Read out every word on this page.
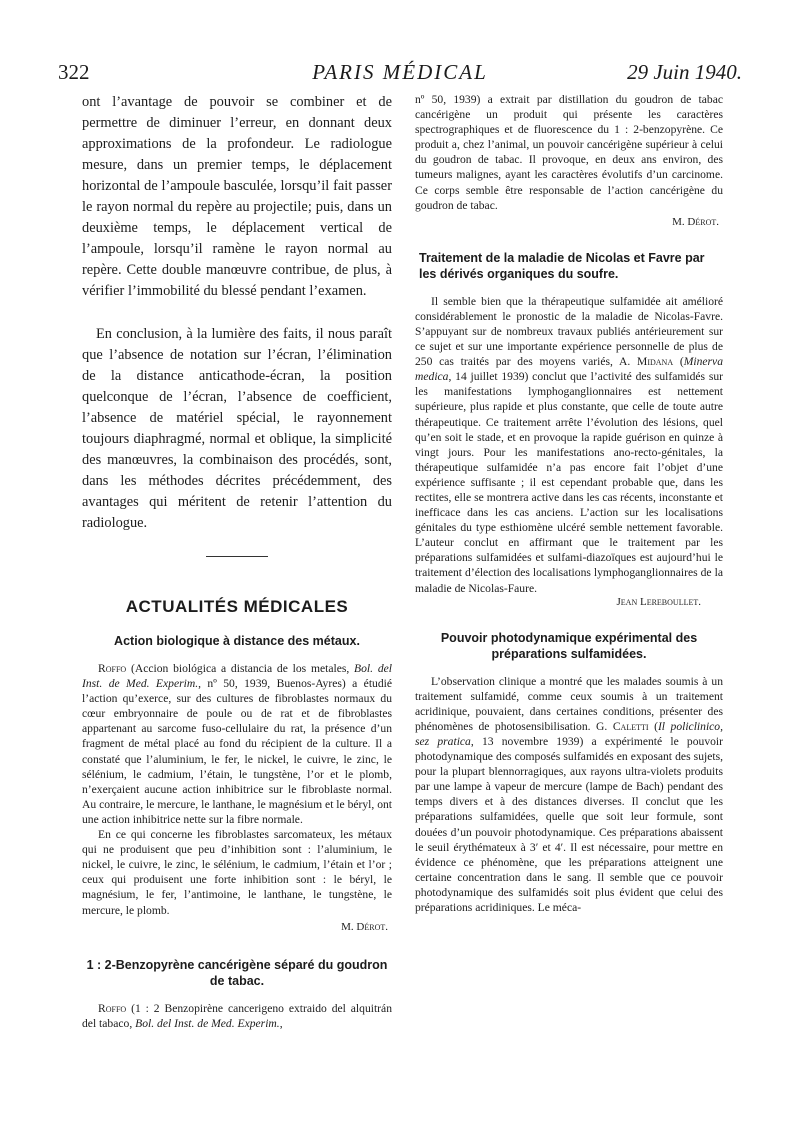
322	PARIS MÉDICAL	29 Juin 1940.

ont l’avantage de pouvoir se combiner et de permettre de diminuer l’erreur, en donnant deux approximations de la profondeur. Le radiologue mesure, dans un premier temps, le déplacement horizontal de l’ampoule basculée, lorsqu’il fait passer le rayon normal du repère au projectile; puis, dans un deuxième temps, le déplacement vertical de l’ampoule, lorsqu’il ramène le rayon normal au repère. Cette double manœuvre contribue, de plus, à vérifier l’immobilité du blessé pendant l’examen.

En conclusion, à la lumière des faits, il nous paraît que l’absence de notation sur l’écran, l’élimination de la distance anticathode-écran, la position quelconque de l’écran, l’absence de coefficient, l’absence de matériel spécial, le rayonnement toujours diaphragmé, normal et oblique, la simplicité des manœuvres, la combinaison des procédés, sont, dans les méthodes décrites précédemment, des avantages qui méritent de retenir l’attention du radiologue.

ACTUALITÉS MÉDICALES
Action biologique à distance des métaux.

Roffo (Accion biológica a distancia de los metales, Bol. del Inst. de Med. Experim., nº 50, 1939, Buenos-Ayres) a étudié l’action qu’exerce, sur des cultures de fibroblastes normaux du cœur embryonnaire de poule ou de rat et de fibroblastes appartenant au sarcome fuso-cellulaire du rat, la présence d’un fragment de métal placé au fond du récipient de la culture. Il a constaté que l’aluminium, le fer, le nickel, le cuivre, le zinc, le sélénium, le cadmium, l’étain, le tungstène, l’or et le plomb, n’exerçaient aucune action inhibitrice sur le fibroblaste normal. Au contraire, le mercure, le lanthane, le magnésium et le béryl, ont une action inhibitrice nette sur la fibre normale.

En ce qui concerne les fibroblastes sarcomateux, les métaux qui ne produisent que peu d’inhibition sont : l’aluminium, le nickel, le cuivre, le zinc, le sélénium, le cadmium, l’étain et l’or ; ceux qui produisent une forte inhibition sont : le béryl, le magnésium, le fer, l’antimoine, le lanthane, le tungstène, le mercure, le plomb.

M. Dérot.
1 : 2-Benzopyrène cancérigène séparé du goudron de tabac.

Roffo (1 : 2 Benzopirène cancerigeno extraido del alquitrán del tabaco, Bol. del Inst. de Med. Experim.,

nº 50, 1939) a extrait par distillation du goudron de tabac cancérigène un produit qui présente les caractères spectrographiques et de fluorescence du 1 : 2-benzopyrène. Ce produit a, chez l’animal, un pouvoir cancérigène supérieur à celui du goudron de tabac. Il provoque, en deux ans environ, des tumeurs malignes, ayant les caractères évolutifs d’un carcinome. Ce corps semble être responsable de l’action cancérigène du goudron de tabac.

M. Dérot.
Traitement de la maladie de Nicolas et Favre par les dérivés organiques du soufre.

Il semble bien que la thérapeutique sulfamidée ait amélioré considérablement le pronostic de la maladie de Nicolas-Favre. S’appuyant sur de nombreux travaux publiés antérieurement sur ce sujet et sur une importante expérience personnelle de plus de 250 cas traités par des moyens variés, A. Midana (Minerva medica, 14 juillet 1939) conclut que l’activité des sulfamidés sur les manifestations lymphoganglionnaires est nettement supérieure, plus rapide et plus constante, que celle de toute autre thérapeutique. Ce traitement arrête l’évolution des lésions, quel qu’en soit le stade, et en provoque la rapide guérison en quinze à vingt jours. Pour les manifestations ano-recto-génitales, la thérapeutique sulfamidée n’a pas encore fait l’objet d’une expérience suffisante ; il est cependant probable que, dans les rectites, elle se montrera active dans les cas récents, inconstante et inefficace dans les cas anciens. L’action sur les localisations génitales du type esthiomène ulcéré semble nettement favorable. L’auteur conclut en affirmant que le traitement par les préparations sulfamidées et sulfami-diazoïques est aujourd’hui le traitement d’élection des localisations lymphoganglionnaires de la maladie de Nicolas-Faure.

Jean Lereboullet.
Pouvoir photodynamique expérimental des préparations sulfamidées.

L’observation clinique a montré que les malades soumis à un traitement sulfamidé, comme ceux soumis à un traitement acridinique, pouvaient, dans certaines conditions, présenter des phénomènes de photosensibilisation. G. Caletti (Il policlinico, sez pratica, 13 novembre 1939) a expérimenté le pouvoir photodynamique des composés sulfamidés en exposant des sujets, pour la plupart blennorragiques, aux rayons ultra-violets produits par une lampe à vapeur de mercure (lampe de Bach) pendant des temps divers et à des distances diverses. Il conclut que les préparations sulfamidées, quelle que soit leur formule, sont douées d’un pouvoir photodynamique. Ces préparations abaissent le seuil érythémateux à 3′ et 4′. Il est nécessaire, pour mettre en évidence ce phénomène, que les préparations atteignent une certaine concentration dans le sang. Il semble que ce pouvoir photodynamique des sulfamidés soit plus évident que celui des préparations acridiniques. Le méca-
